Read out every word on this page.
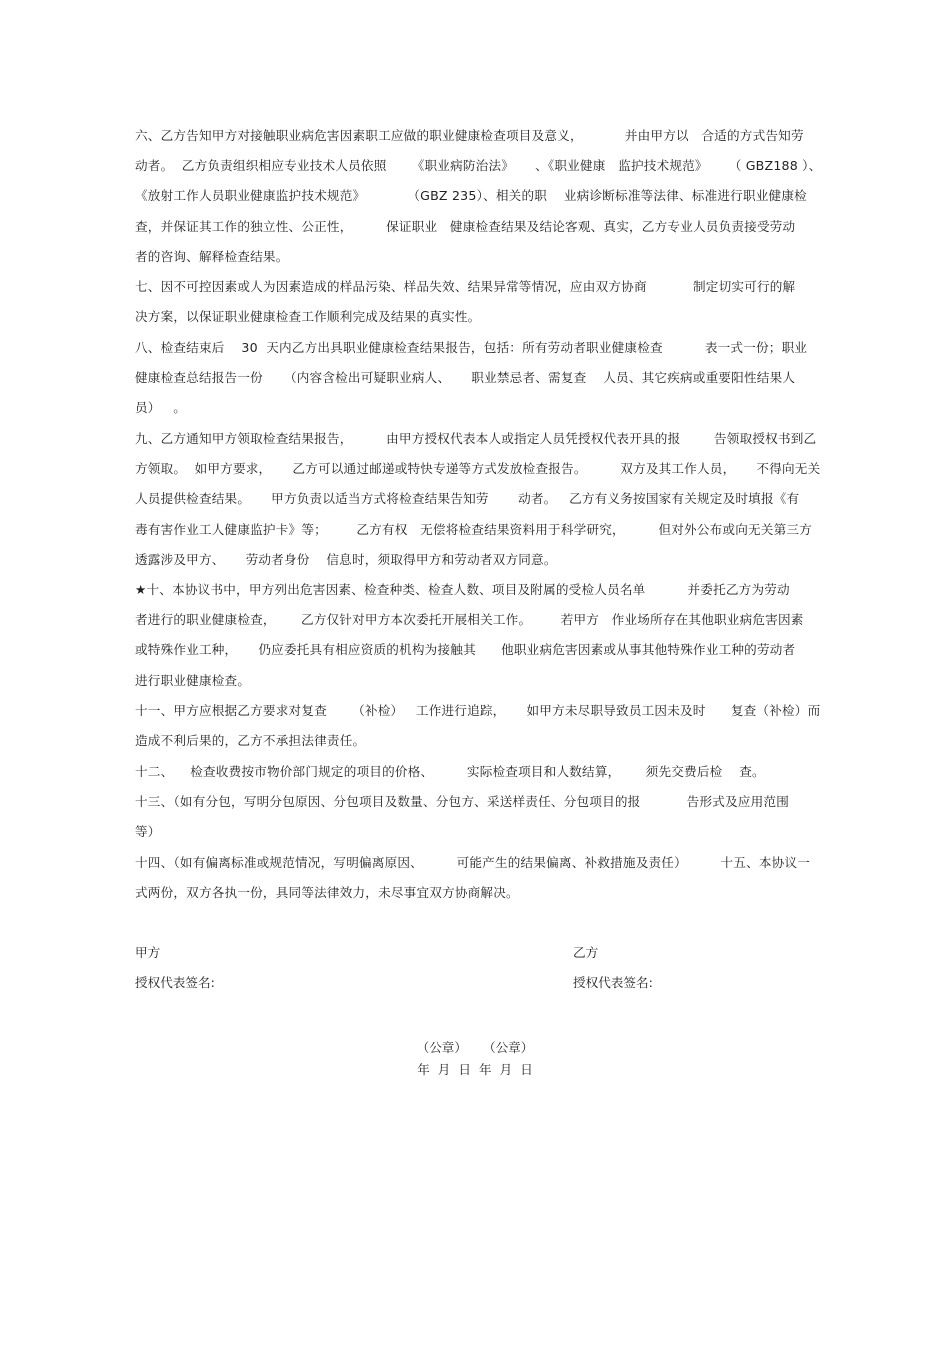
六、乙方告知甲方对接触职业病危害因素职工应做的职业健康检查项目及意义，          并由甲方以   合适的方式告知劳
动者。  乙方负责组织相应专业技术人员依照      《职业病防治法》     、《职业健康   监护技术规范》     （ GBZ188 ）、
《放射工作人员职业健康监护技术规范》          （GBZ 235）、相关的职    业病诊断标准等法律、标准进行职业健康检
查，并保证其工作的独立性、公正性，        保证职业   健康检查结果及结论客观、真实，乙方专业人员负责接受劳动
者的咨询、解释检查结果。
七、因不可控因素或人为因素造成的样品污染、样品失效、结果异常等情况，应由双方协商           制定切实可行的解
决方案，以保证职业健康检查工作顺利完成及结果的真实性。
八、检查结束后    30  天内乙方出具职业健康检查结果报告，包括：所有劳动者职业健康检查          表一式一份；职业
健康检查总结报告一份     （内容含检出可疑职业病人、     职业禁忌者、需复查    人员、其它疾病或重要阳性结果人
员）   。
九、乙方通知甲方领取检查结果报告，        由甲方授权代表本人或指定人员凭授权代表开具的报        告领取授权书到乙
方领取。  如甲方要求，     乙方可以通过邮递或特快专递等方式发放检查报告。        双方及其工作人员，     不得向无关
人员提供检查结果。     甲方负责以适当方式将检查结果告知劳       动者。   乙方有义务按国家有关规定及时填报《有
毒有害作业工人健康监护卡》等；       乙方有权   无偿将检查结果资料用于科学研究，        但对外公布或向无关第三方
透露涉及甲方、     劳动者身份    信息时，须取得甲方和劳动者双方同意。
★十、本协议书中，甲方列出危害因素、检查种类、检查人数、项目及附属的受检人员名单          并委托乙方为劳动
者进行的职业健康检查，      乙方仅针对甲方本次委托开展相关工作。       若甲方   作业场所存在其他职业病危害因素
或特殊作业工种，     仍应委托具有相应资质的机构为接触其      他职业病危害因素或从事其他特殊作业工种的劳动者
进行职业健康检查。
十一、甲方应根据乙方要求对复查      （补检）   工作进行追踪，     如甲方未尽职导致员工因未及时      复查（补检）而
造成不利后果的，乙方不承担法律责任。
十二、    检查收费按市物价部门规定的项目的价格、        实际检查项目和人数结算，      须先交费后检    查。
十三、（如有分包，写明分包原因、分包项目及数量、分包方、采送样责任、分包项目的报           告形式及应用范围
等）
十四、（如有偏离标准或规范情况，写明偏离原因、        可能产生的结果偏离、补救措施及责任）        十五、本协议一
式两份，双方各执一份，具同等法律效力，未尽事宜双方协商解决。
甲方
授权代表签名:
乙方
授权代表签名:
（公章）    （公章）
年  月  日  年  月  日
